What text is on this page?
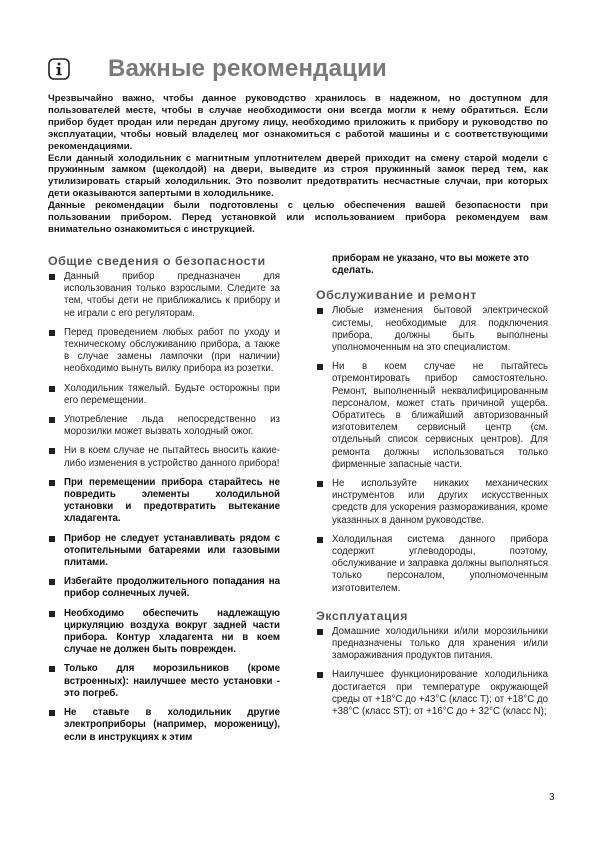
Важные рекомендации

Чрезвычайно важно, чтобы данное руководство хранилось в надежном, но доступном для пользователей месте, чтобы в случае необходимости они всегда могли к нему обратиться. Если прибор будет продан или передан другому лицу, необходимо приложить к прибору и руководство по эксплуатации, чтобы новый владелец мог ознакомиться с работой машины и с соответствующими рекомендациями.

Если данный холодильник с магнитным уплотнителем дверей приходит на смену старой модели с пружинным замком (щеколдой) на двери, выведите из строя пружинный замок перед тем, как утилизировать старый холодильник. Это позволит предотвратить несчастные случаи, при которых дети оказываются запертыми в холодильнике.

Данные рекомендации были подготовлены с целью обеспечения вашей безопасности при пользовании прибором. Перед установкой или использованием прибора рекомендуем вам внимательно ознакомиться с инструкцией.

Общие сведения о безопасности
Данный прибор предназначен для использования только взрослыми. Следите за тем, чтобы дети не приближались к прибору и не играли с его регуляторам.
Перед проведением любых работ по уходу и техническому обслуживанию прибора, а также в случае замены лампочки (при наличии) необходимо вынуть вилку прибора из розетки.
Холодильник тяжелый. Будьте осторожны при его перемещении.
Употребление льда непосредственно из морозилки может вызвать холодный ожог.
Ни в коем случае не пытайтесь вносить какие-либо изменения в устройство данного прибора!
При перемещении прибора старайтесь не повредить элементы холодильной установки и предотвратить вытекание хладагента.
Прибор не следует устанавливать рядом с отопительными батареями или газовыми плитами.
Избегайте продолжительного попадания на прибор солнечных лучей.
Необходимо обеспечить надлежащую циркуляцию воздуха вокруг задней части прибора. Контур хладагента ни в коем случае не должен быть поврежден.
Только для морозильников (кроме встроенных): наилучшее место установки - это погреб.
Не ставьте в холодильник другие электроприборы (например, мороженицу), если в инструкциях к этим

приборам не указано, что вы можете это сделать.

Обслуживание и ремонт
Любые изменения бытовой электрической системы, необходимые для подключения прибора, должны быть выполнены уполномоченным на это специалистом.
Ни в коем случае не пытайтесь отремонтировать прибор самостоятельно. Ремонт, выполненный неквалифицированным персоналом, может стать причиной ущерба. Обратитесь в ближайший авторизованный изготовителем сервисный центр (см. отдельный список сервисных центров). Для ремонта должны использоваться только фирменные запасные части.
Не используйте никаких механических инструментов или других искусственных средств для ускорения размораживания, кроме указанных в данном руководстве.
Холодильная система данного прибора содержит углеводороды, поэтому, обслуживание и заправка должны выполняться только персоналом, уполномоченным изготовителем.
Эксплуатация
Домашние холодильники и/или морозильники предназначены только для хранения и/или замораживания продуктов питания.
Наилучшее функционирование холодильника достигается при температуре окружающей среды от +18°C до +43°C (класс T); от +18°C до +38°C (класс ST); от +16°C до + 32°C (класс N);
3
